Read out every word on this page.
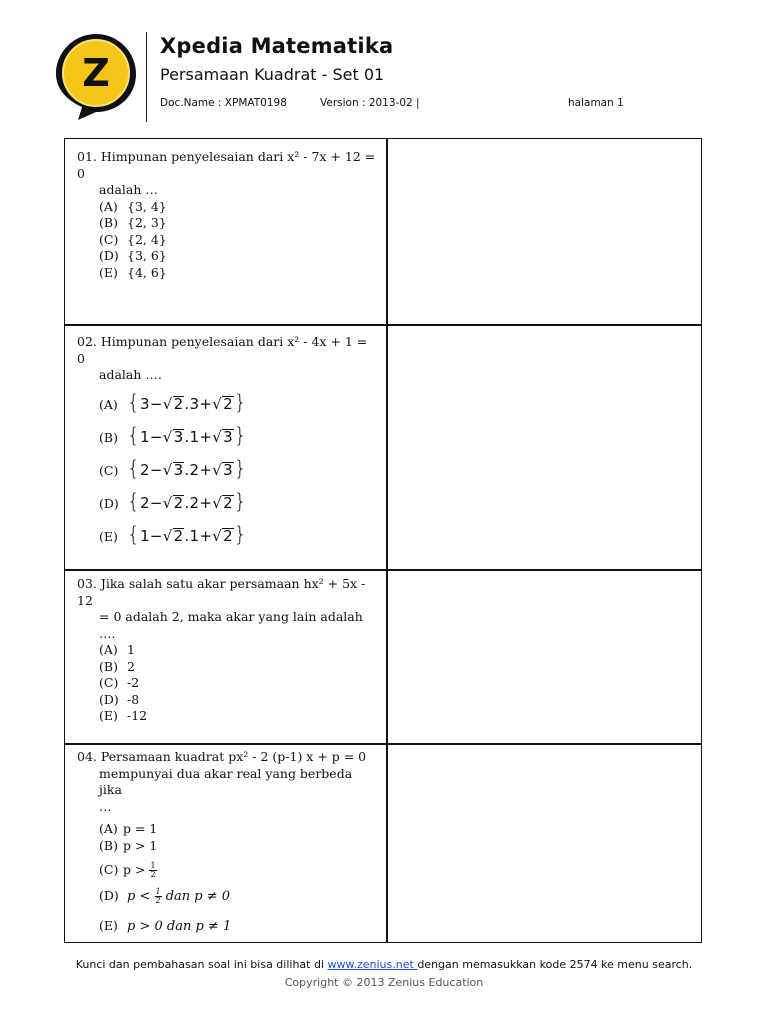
Z
Xpedia Matematika
Persamaan Kuadrat - Set 01
Doc.Name : XPMAT0198	Version : 2013-02 |	halaman 1
01. Himpunan penyelesaian dari x² - 7x + 12 = 0
adalah …
(A) {3, 4}
(B) {2, 3}
(C) {2, 4}
(D) {3, 6}
(E) {4, 6}
02. Himpunan penyelesaian dari x² - 4x + 1 = 0
adalah ….
(A) {3−√2.3+√2}
(B) {1−√3.1+√3}
(C) {2−√3.2+√3}
(D) {2−√2.2+√2}
(E) {1−√2.1+√2}
03. Jika salah satu akar persamaan hx² + 5x - 12
= 0 adalah 2, maka akar yang lain adalah ….
(A) 1
(B) 2
(C) -2
(D) -8
(E) -12
04. Persamaan kuadrat px² - 2 (p-1) x + p = 0
mempunyai dua akar real yang berbeda jika
…
(A) p = 1
(B) p > 1
(C) $p > \frac{1}{2}$
(D) $p < \frac{1}{2}$ dan p ≠ 0
(E) p > 0 dan p ≠ 1
Kunci dan pembahasan soal ini bisa dilihat di www.zenius.net dengan memasukkan kode 2574 ke menu search.
Copyright © 2013 Zenius Education
